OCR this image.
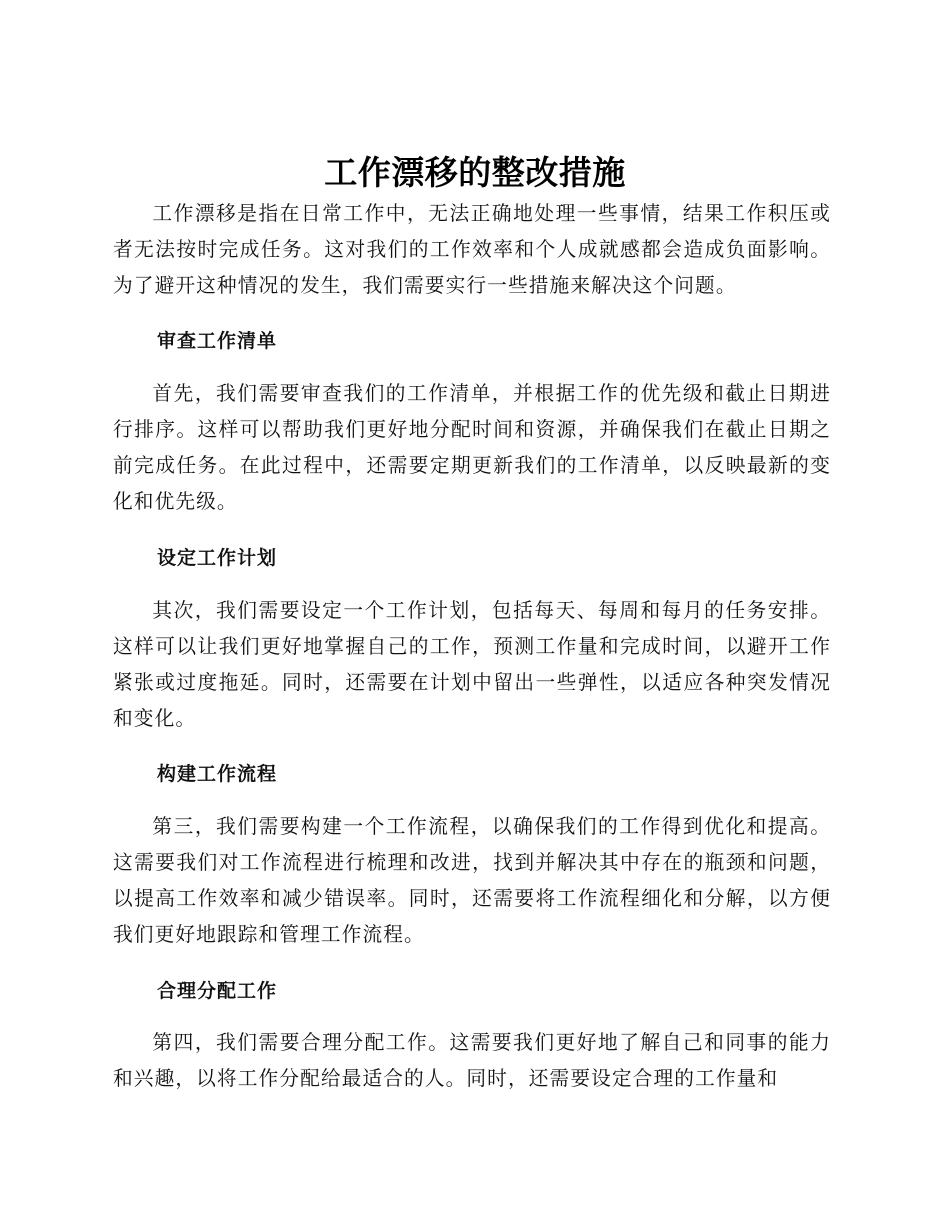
工作漂移的整改措施

工作漂移是指在日常工作中，无法正确地处理一些事情，结果工作积压或者无法按时完成任务。这对我们的工作效率和个人成就感都会造成负面影响。为了避开这种情况的发生，我们需要实行一些措施来解决这个问题。

审查工作清单

首先，我们需要审查我们的工作清单，并根据工作的优先级和截止日期进行排序。这样可以帮助我们更好地分配时间和资源，并确保我们在截止日期之前完成任务。在此过程中，还需要定期更新我们的工作清单，以反映最新的变化和优先级。

设定工作计划

其次，我们需要设定一个工作计划，包括每天、每周和每月的任务安排。这样可以让我们更好地掌握自己的工作，预测工作量和完成时间，以避开工作紧张或过度拖延。同时，还需要在计划中留出一些弹性，以适应各种突发情况和变化。

构建工作流程

第三，我们需要构建一个工作流程，以确保我们的工作得到优化和提高。这需要我们对工作流程进行梳理和改进，找到并解决其中存在的瓶颈和问题，以提高工作效率和减少错误率。同时，还需要将工作流程细化和分解，以方便我们更好地跟踪和管理工作流程。

合理分配工作

第四，我们需要合理分配工作。这需要我们更好地了解自己和同事的能力和兴趣，以将工作分配给最适合的人。同时，还需要设定合理的工作量和
